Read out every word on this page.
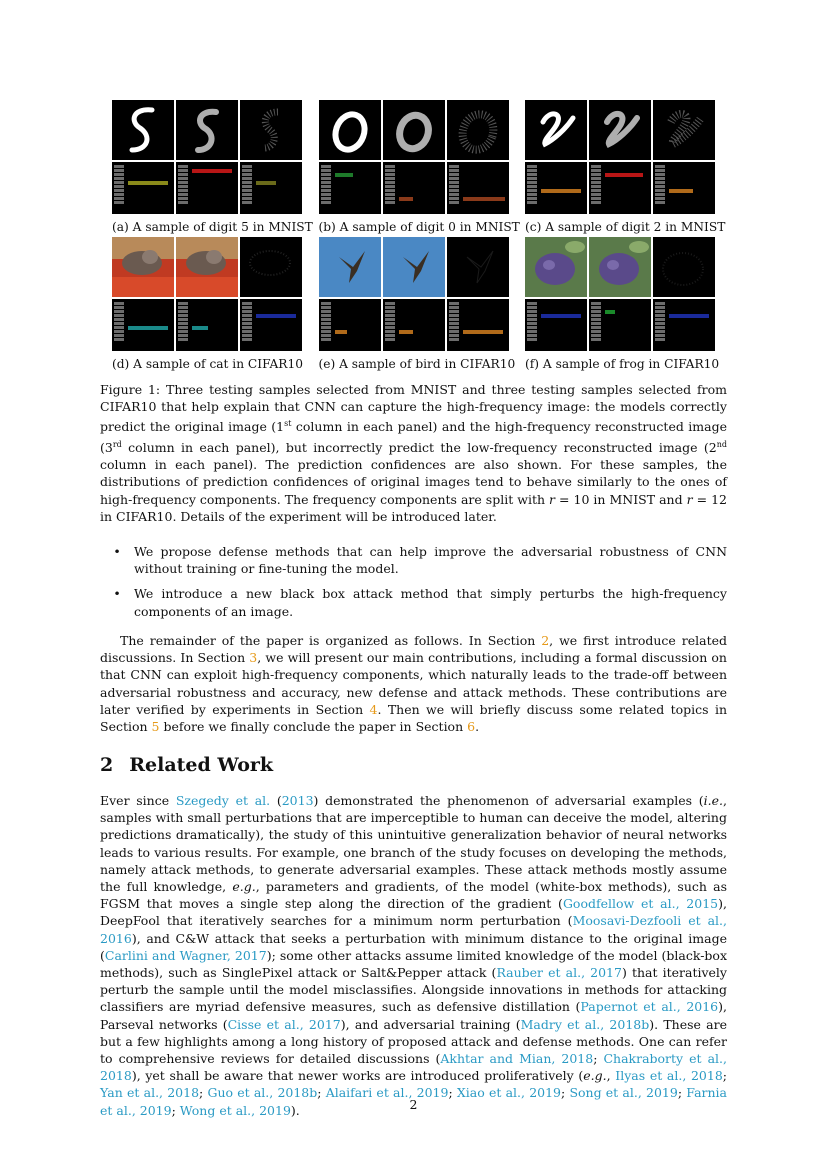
(a) A sample of digit 5 in MNIST (b) A sample of digit 0 in MNIST (c) A sample of digit 2 in MNIST
(d) A sample of cat in CIFAR10 (e) A sample of bird in CIFAR10 (f) A sample of frog in CIFAR10

Figure 1: Three testing samples selected from MNIST and three testing samples selected from CIFAR10 that help explain that CNN can capture the high-frequency image: the models correctly predict the original image (1st column in each panel) and the high-frequency reconstructed image (3rd column in each panel), but incorrectly predict the low-frequency reconstructed image (2nd column in each panel). The prediction confidences are also shown. For these samples, the distributions of prediction confidences of original images tend to behave similarly to the ones of high-frequency components. The frequency components are split with r = 10 in MNIST and r = 12 in CIFAR10. Details of the experiment will be introduced later.

•	We propose defense methods that can help improve the adversarial robustness of CNN without training or fine-tuning the model.
•	We introduce a new black box attack method that simply perturbs the high-frequency components of an image.

The remainder of the paper is organized as follows. In Section 2, we first introduce related discussions. In Section 3, we will present our main contributions, including a formal discussion on that CNN can exploit high-frequency components, which naturally leads to the trade-off between adversarial robustness and accuracy, new defense and attack methods. These contributions are later verified by experiments in Section 4. Then we will briefly discuss some related topics in Section 5 before we finally conclude the paper in Section 6.

2 Related Work

Ever since Szegedy et al. (2013) demonstrated the phenomenon of adversarial examples (i.e., samples with small perturbations that are imperceptible to human can deceive the model, altering predictions dramatically), the study of this unintuitive generalization behavior of neural networks leads to various results. For example, one branch of the study focuses on developing the methods, namely attack methods, to generate adversarial examples. These attack methods mostly assume the full knowledge, e.g., parameters and gradients, of the model (white-box methods), such as FGSM that moves a single step along the direction of the gradient (Goodfellow et al., 2015), DeepFool that iteratively searches for a minimum norm perturbation (Moosavi-Dezfooli et al., 2016), and C&W attack that seeks a perturbation with minimum distance to the original image (Carlini and Wagner, 2017); some other attacks assume limited knowledge of the model (black-box methods), such as SinglePixel attack or Salt&Pepper attack (Rauber et al., 2017) that iteratively perturb the sample until the model misclassifies. Alongside innovations in methods for attacking classifiers are myriad defensive measures, such as defensive distillation (Papernot et al., 2016), Parseval networks (Cisse et al., 2017), and adversarial training (Madry et al., 2018b). These are but a few highlights among a long history of proposed attack and defense methods. One can refer to comprehensive reviews for detailed discussions (Akhtar and Mian, 2018; Chakraborty et al., 2018), yet shall be aware that newer works are introduced proliferatively (e.g., Ilyas et al., 2018; Yan et al., 2018; Guo et al., 2018b; Alaifari et al., 2019; Xiao et al., 2019; Song et al., 2019; Farnia et al., 2019; Wong et al., 2019).	2
